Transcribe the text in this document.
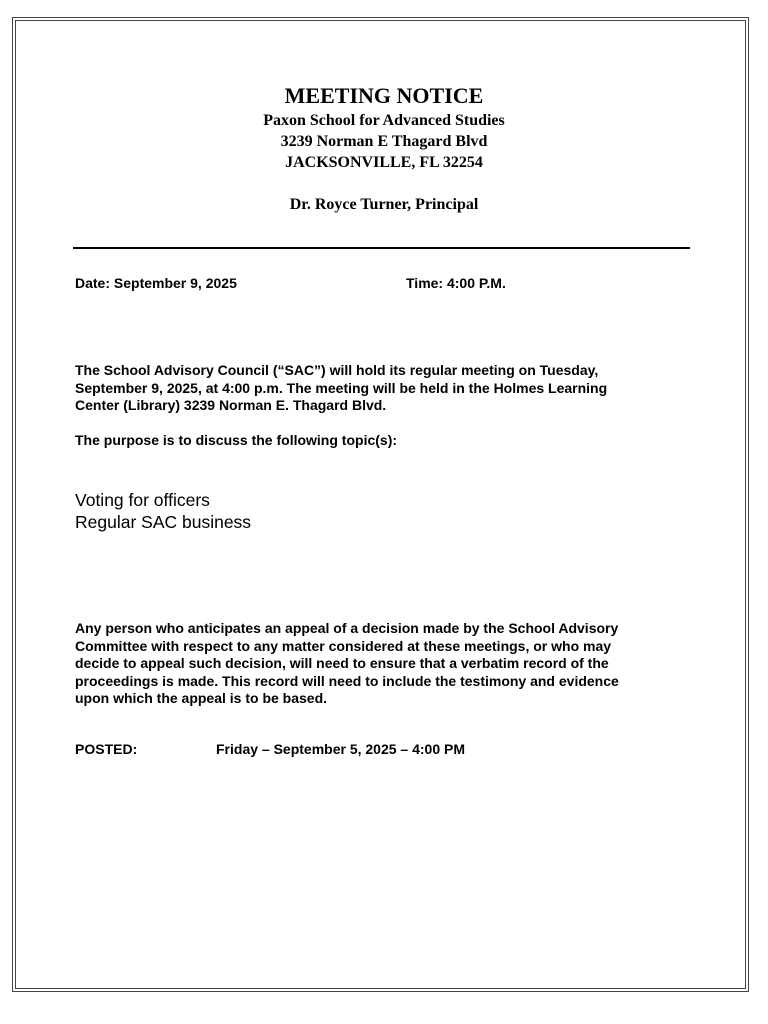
MEETING NOTICE
Paxon School for Advanced Studies
3239 Norman E Thagard Blvd
JACKSONVILLE, FL 32254
Dr. Royce Turner, Principal

Date: September 9, 2025	Time: 4:00 P.M.

The School Advisory Council (“SAC”) will hold its regular meeting on Tuesday,
September 9, 2025, at 4:00 p.m. The meeting will be held in the Holmes Learning
Center (Library) 3239 Norman E. Thagard Blvd.

The purpose is to discuss the following topic(s):

Voting for officers
Regular SAC business
Any person who anticipates an appeal of a decision made by the School Advisory
Committee with respect to any matter considered at these meetings, or who may
decide to appeal such decision, will need to ensure that a verbatim record of the
proceedings is made. This record will need to include the testimony and evidence
upon which the appeal is to be based.

POSTED:	Friday – September 5, 2025 – 4:00 PM
